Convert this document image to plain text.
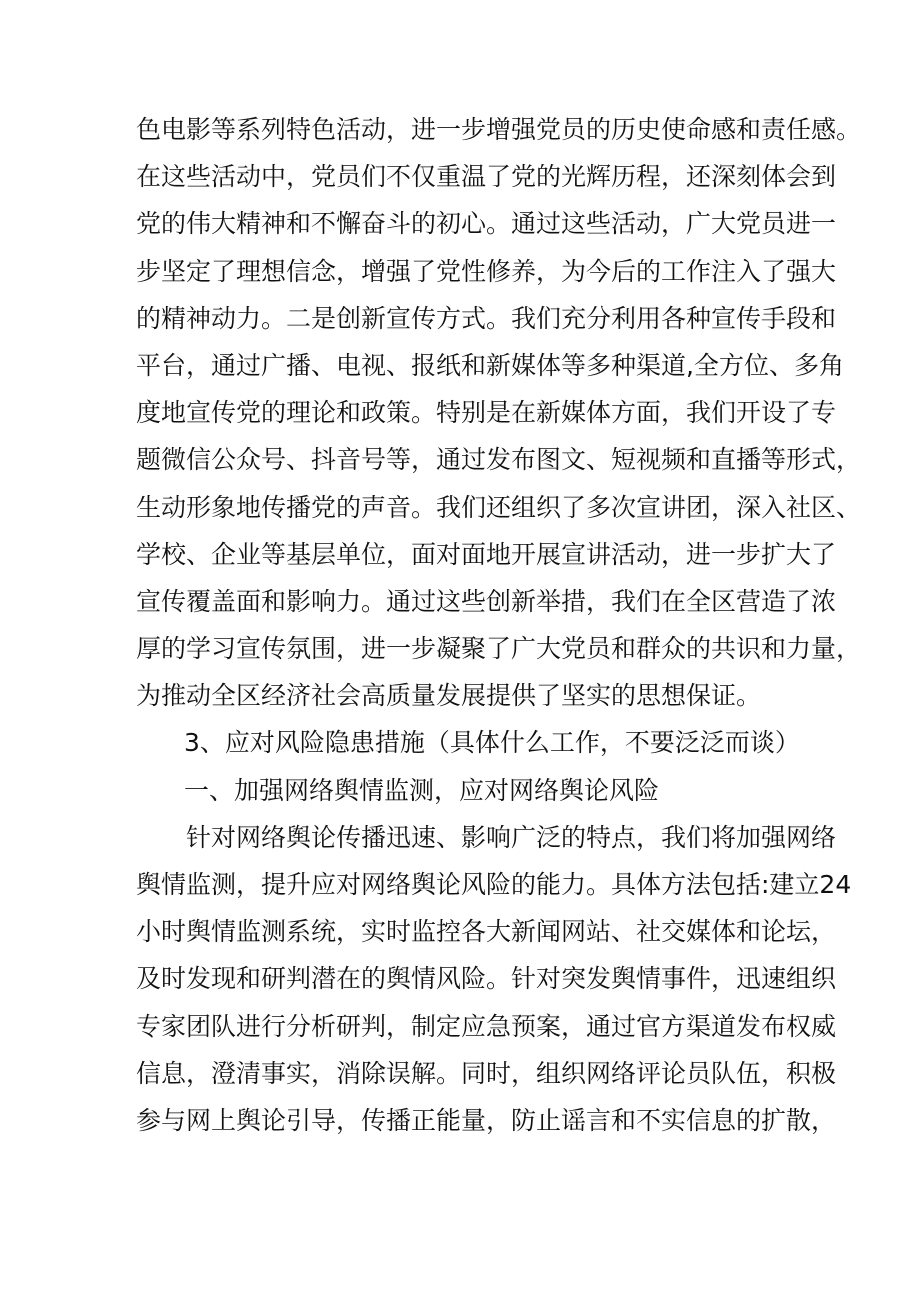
色电影等系列特色活动，进一步增强党员的历史使命感和责任感。
在这些活动中，党员们不仅重温了党的光辉历程，还深刻体会到
党的伟大精神和不懈奋斗的初心。通过这些活动，广大党员进一
步坚定了理想信念，增强了党性修养，为今后的工作注入了强大
的精神动力。二是创新宣传方式。我们充分利用各种宣传手段和
平台，通过广播、电视、报纸和新媒体等多种渠道,全方位、多角
度地宣传党的理论和政策。特别是在新媒体方面，我们开设了专
题微信公众号、抖音号等，通过发布图文、短视频和直播等形式，
生动形象地传播党的声音。我们还组织了多次宣讲团，深入社区、
学校、企业等基层单位，面对面地开展宣讲活动，进一步扩大了
宣传覆盖面和影响力。通过这些创新举措，我们在全区营造了浓
厚的学习宣传氛围，进一步凝聚了广大党员和群众的共识和力量，
为推动全区经济社会高质量发展提供了坚实的思想保证。
3、应对风险隐患措施（具体什么工作，不要泛泛而谈）
一、加强网络舆情监测，应对网络舆论风险
针对网络舆论传播迅速、影响广泛的特点，我们将加强网络
舆情监测，提升应对网络舆论风险的能力。具体方法包括:建立24
小时舆情监测系统，实时监控各大新闻网站、社交媒体和论坛，
及时发现和研判潜在的舆情风险。针对突发舆情事件，迅速组织
专家团队进行分析研判，制定应急预案，通过官方渠道发布权威
信息，澄清事实，消除误解。同时，组织网络评论员队伍，积极
参与网上舆论引导，传播正能量，防止谣言和不实信息的扩散，
